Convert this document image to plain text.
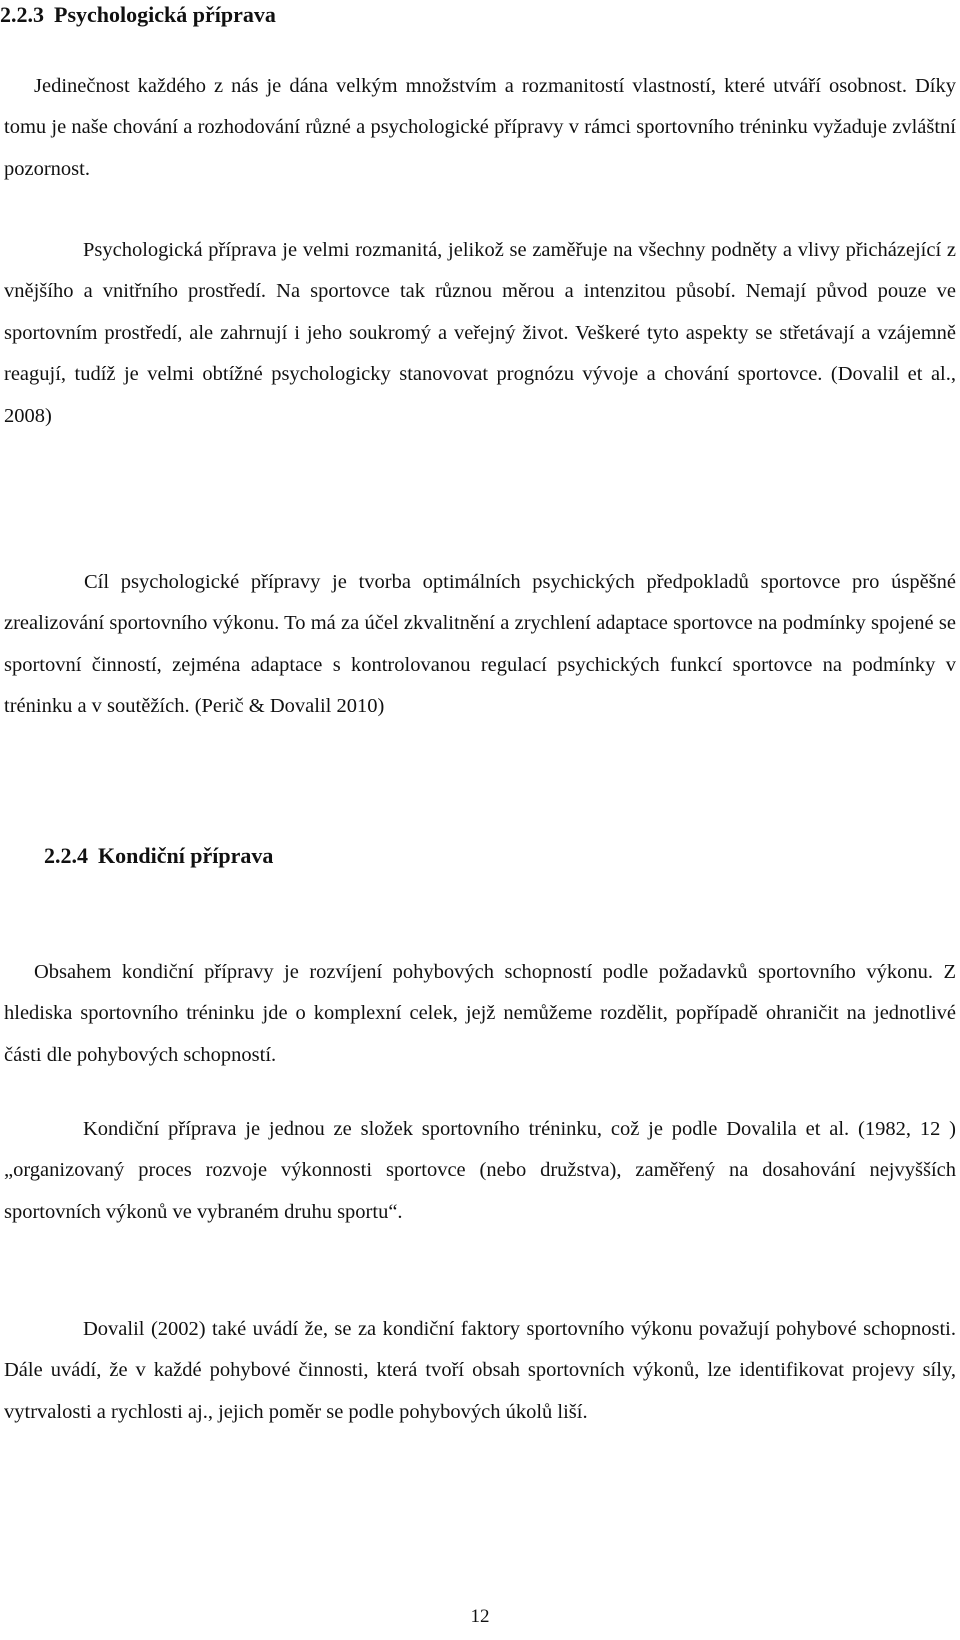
2.2.3 Psychologická příprava

Jedinečnost každého z nás je dána velkým množstvím a rozmanitostí vlastností, které utváří osobnost. Díky tomu je naše chování a rozhodování různé a psychologické přípravy v rámci sportovního tréninku vyžaduje zvláštní pozornost.

Psychologická příprava je velmi rozmanitá, jelikož se zaměřuje na všechny podněty a vlivy přicházející z vnějšího a vnitřního prostředí. Na sportovce tak různou měrou a intenzitou působí. Nemají původ pouze ve sportovním prostředí, ale zahrnují i jeho soukromý a veřejný život. Veškeré tyto aspekty se střetávají a vzájemně reagují, tudíž je velmi obtížné psychologicky stanovovat prognózu vývoje a chování sportovce. (Dovalil et al., 2008)

Cíl psychologické přípravy je tvorba optimálních psychických předpokladů sportovce pro úspěšné zrealizování sportovního výkonu. To má za účel zkvalitnění a zrychlení adaptace sportovce na podmínky spojené se sportovní činností, zejména adaptace s kontrolovanou regulací psychických funkcí sportovce na podmínky v tréninku a v soutěžích. (Perič & Dovalil 2010)

2.2.4 Kondiční příprava

Obsahem kondiční přípravy je rozvíjení pohybových schopností podle požadavků sportovního výkonu. Z hlediska sportovního tréninku jde o komplexní celek, jejž nemůžeme rozdělit, popřípadě ohraničit na jednotlivé části dle pohybových schopností.

Kondiční příprava je jednou ze složek sportovního tréninku, což je podle Dovalila et al. (1982, 12 ) „organizovaný proces rozvoje výkonnosti sportovce (nebo družstva), zaměřený na dosahování nejvyšších sportovních výkonů ve vybraném druhu sportu“.

Dovalil (2002) také uvádí že, se za kondiční faktory sportovního výkonu považují pohybové schopnosti. Dále uvádí, že v každé pohybové činnosti, která tvoří obsah sportovních výkonů, lze identifikovat projevy síly, vytrvalosti a rychlosti aj., jejich poměr se podle pohybových úkolů liší.

12
